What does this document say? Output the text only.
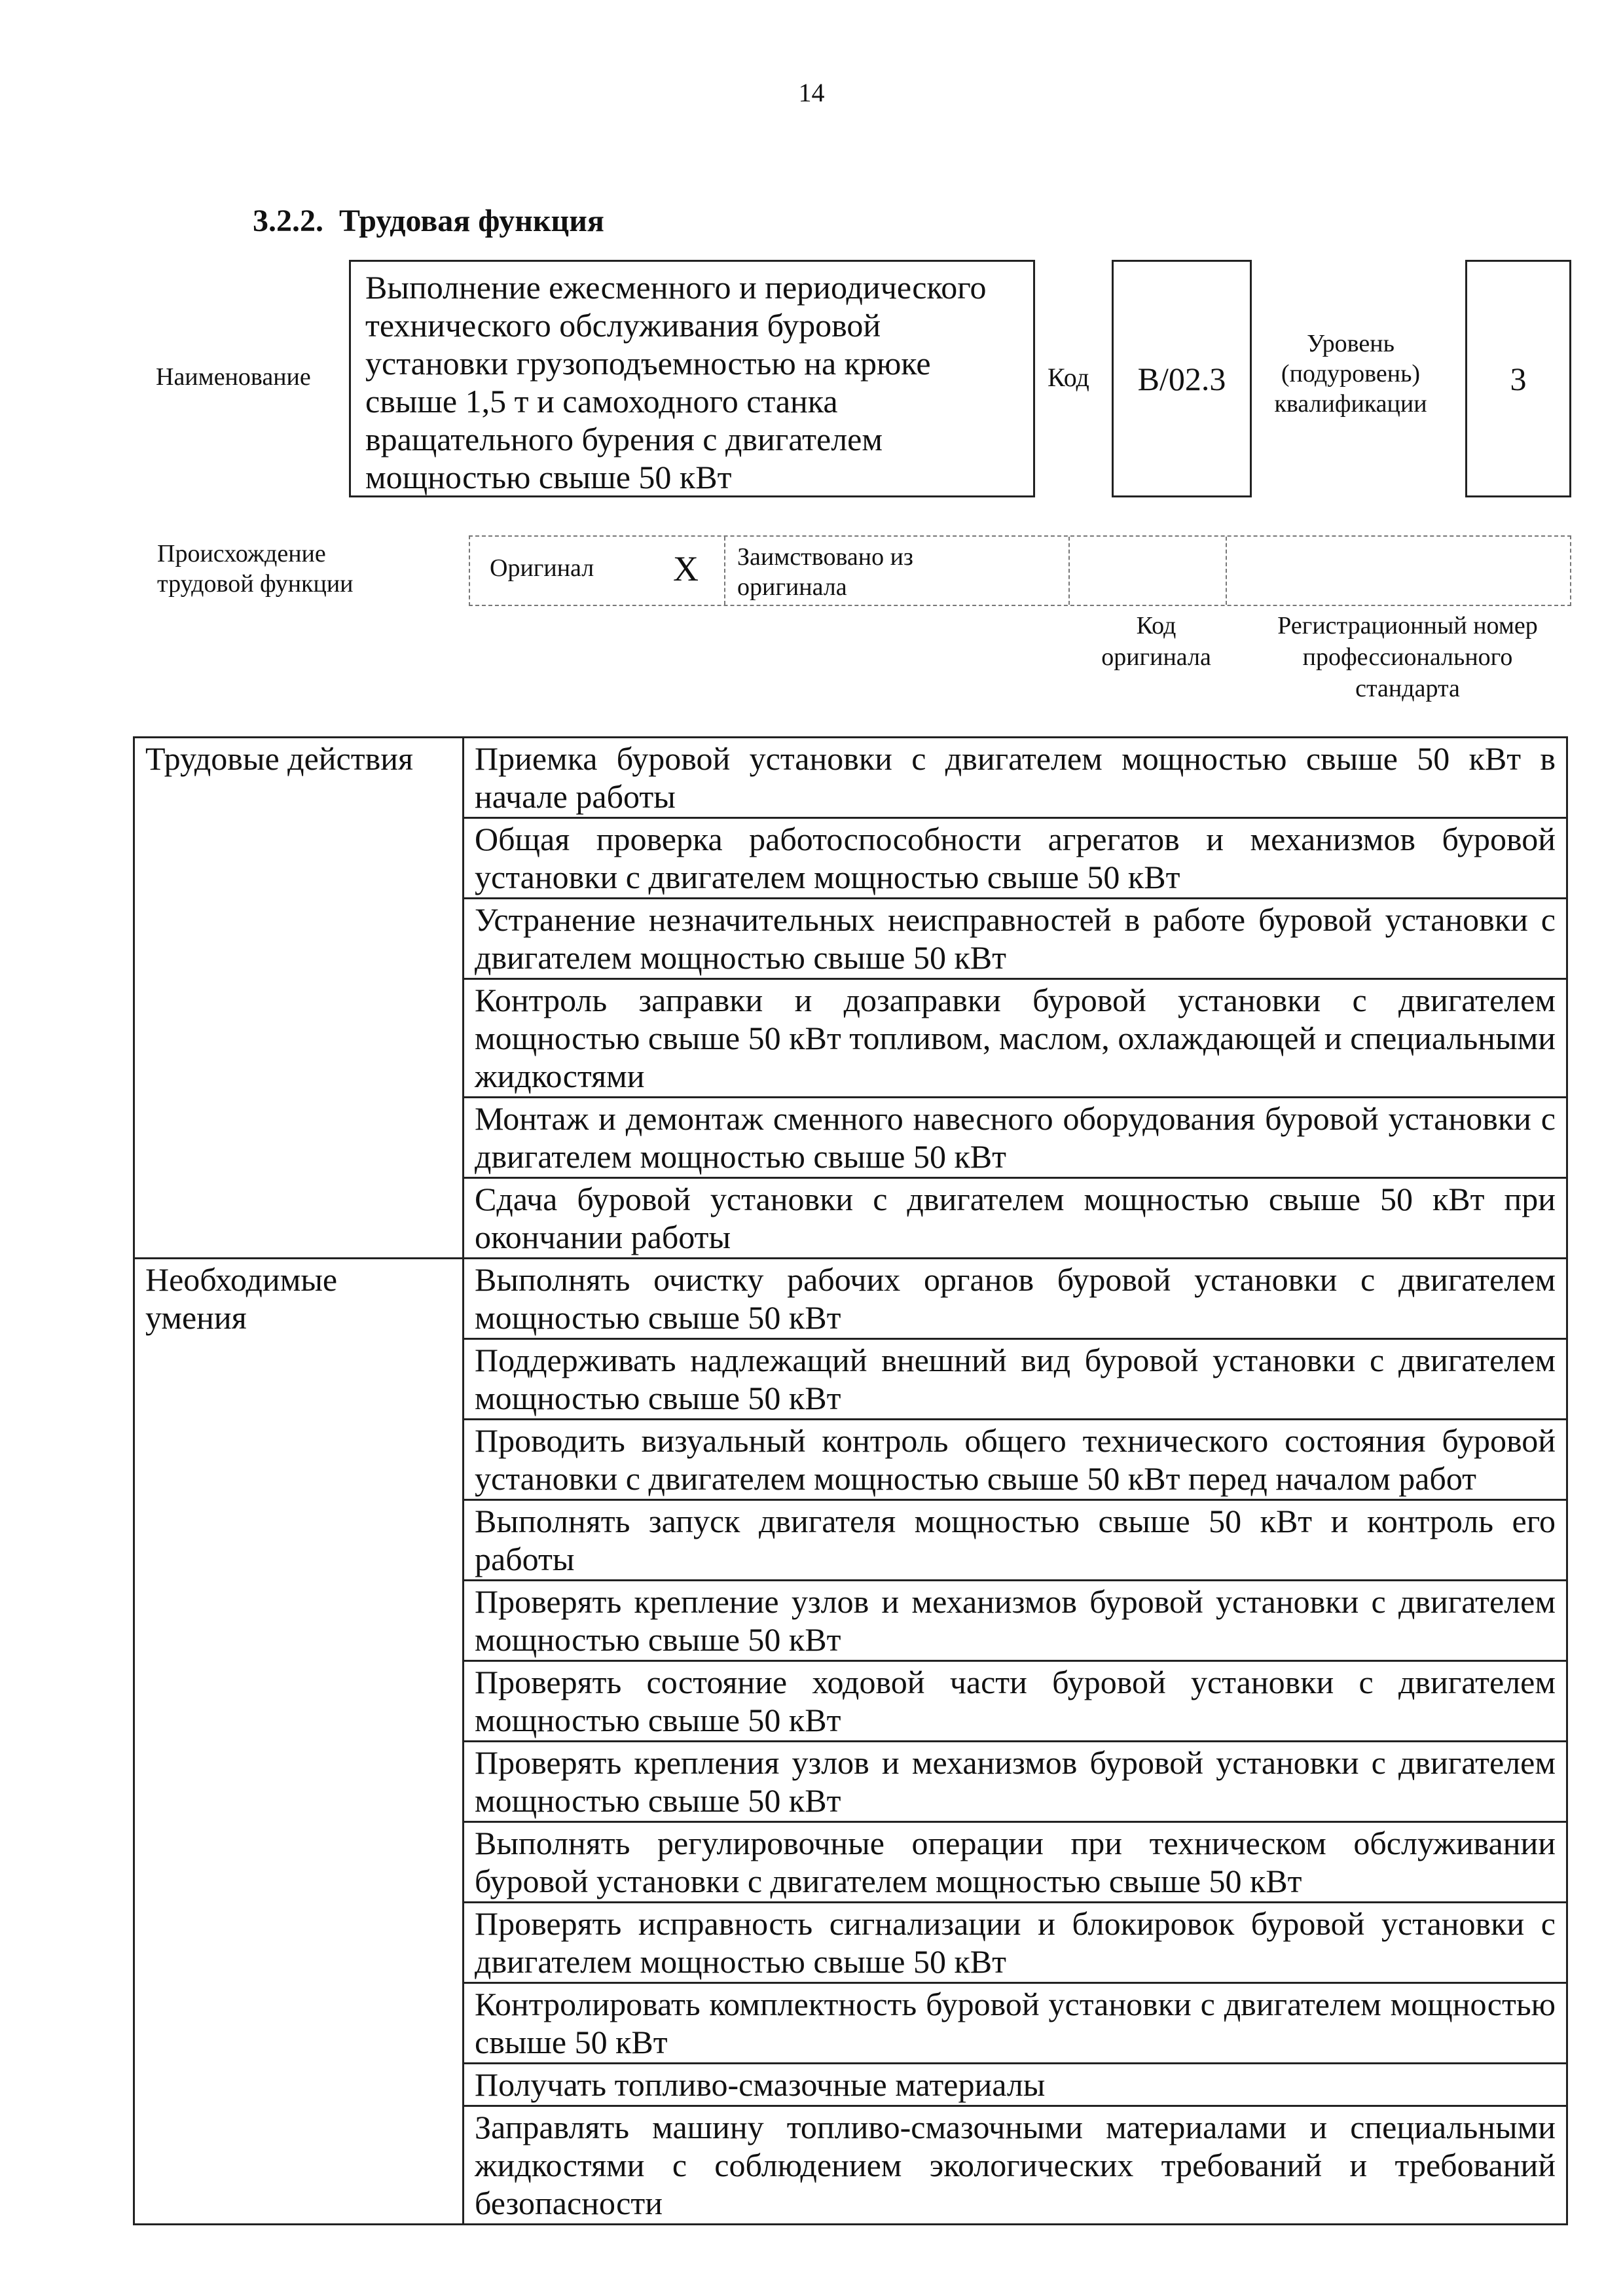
14
3.2.2. Трудовая функция
Наименование
Выполнение ежесменного и периодического
технического обслуживания буровой
установки грузоподъемностью на крюке
свыше 1,5 т и самоходного станка
вращательного бурения с двигателем
мощностью свыше 50 кВт
Код B/02.3
Уровень
(подуровень)
квалификации
3
Происхождение
трудовой функции
Оригинал X Заимствовано из
оригинала
Код
оригинала
Регистрационный номер
профессионального
стандарта
Трудовые действия	Приемка буровой установки с двигателем мощностью свыше 50 кВт в начале работы
	Общая проверка работоспособности агрегатов и механизмов буровой установки с двигателем мощностью свыше 50 кВт
	Устранение незначительных неисправностей в работе буровой установки с двигателем мощностью свыше 50 кВт
	Контроль заправки и дозаправки буровой установки с двигателем мощностью свыше 50 кВт топливом, маслом, охлаждающей и специальными жидкостями
	Монтаж и демонтаж сменного навесного оборудования буровой установки с двигателем мощностью свыше 50 кВт
	Сдача буровой установки с двигателем мощностью свыше 50 кВт при окончании работы

Необходимые
умения	Выполнять очистку рабочих органов буровой установки с двигателем мощностью свыше 50 кВт
	Поддерживать надлежащий внешний вид буровой установки с двигателем мощностью свыше 50 кВт
	Проводить визуальный контроль общего технического состояния буровой установки с двигателем мощностью свыше 50 кВт перед началом работ
	Выполнять запуск двигателя мощностью свыше 50 кВт и контроль его работы
	Проверять крепление узлов и механизмов буровой установки с двигателем мощностью свыше 50 кВт
	Проверять состояние ходовой части буровой установки с двигателем мощностью свыше 50 кВт
	Проверять крепления узлов и механизмов буровой установки с двигателем мощностью свыше 50 кВт
	Выполнять регулировочные операции при техническом обслуживании буровой установки с двигателем мощностью свыше 50 кВт
	Проверять исправность сигнализации и блокировок буровой установки с двигателем мощностью свыше 50 кВт
	Контролировать комплектность буровой установки с двигателем мощностью свыше 50 кВт
	Получать топливо-смазочные материалы
	Заправлять машину топливо-смазочными материалами и специальными жидкостями с соблюдением экологических требований и требований безопасности
